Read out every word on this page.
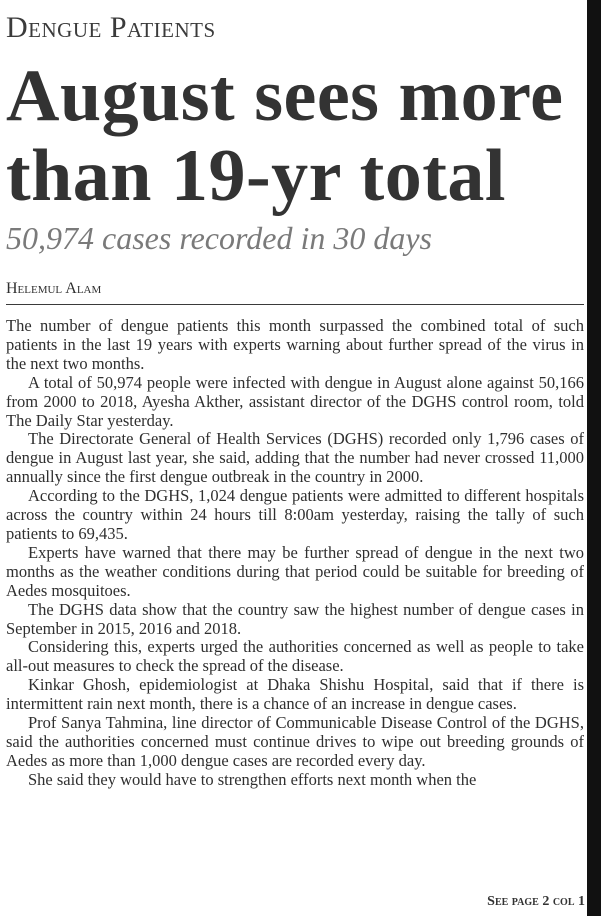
Dengue Patients
August sees more than 19-yr total
50,974 cases recorded in 30 days
Helemul Alam

The number of dengue patients this month surpassed the combined total of such patients in the last 19 years with experts warning about further spread of the virus in the next two months.

A total of 50,974 people were infected with dengue in August alone against 50,166 from 2000 to 2018, Ayesha Akther, assistant director of the DGHS control room, told The Daily Star yesterday.

The Directorate General of Health Services (DGHS) recorded only 1,796 cases of dengue in August last year, she said, adding that the number had never crossed 11,000 annually since the first dengue outbreak in the country in 2000.

According to the DGHS, 1,024 dengue patients were admitted to different hospitals across the country within 24 hours till 8:00am yesterday, raising the tally of such patients to 69,435.

Experts have warned that there may be further spread of dengue in the next two months as the weather conditions during that period could be suitable for breeding of Aedes mosquitoes.

The DGHS data show that the country saw the highest number of dengue cases in September in 2015, 2016 and 2018.

Considering this, experts urged the authorities concerned as well as people to take all-out measures to check the spread of the disease.

Kinkar Ghosh, epidemiologist at Dhaka Shishu Hospital, said that if there is intermittent rain next month, there is a chance of an increase in dengue cases.

Prof Sanya Tahmina, line director of Communicable Disease Control of the DGHS, said the authorities concerned must continue drives to wipe out breeding grounds of Aedes as more than 1,000 dengue cases are recorded every day.

She said they would have to strengthen efforts next month when the

See page 2 col 1
